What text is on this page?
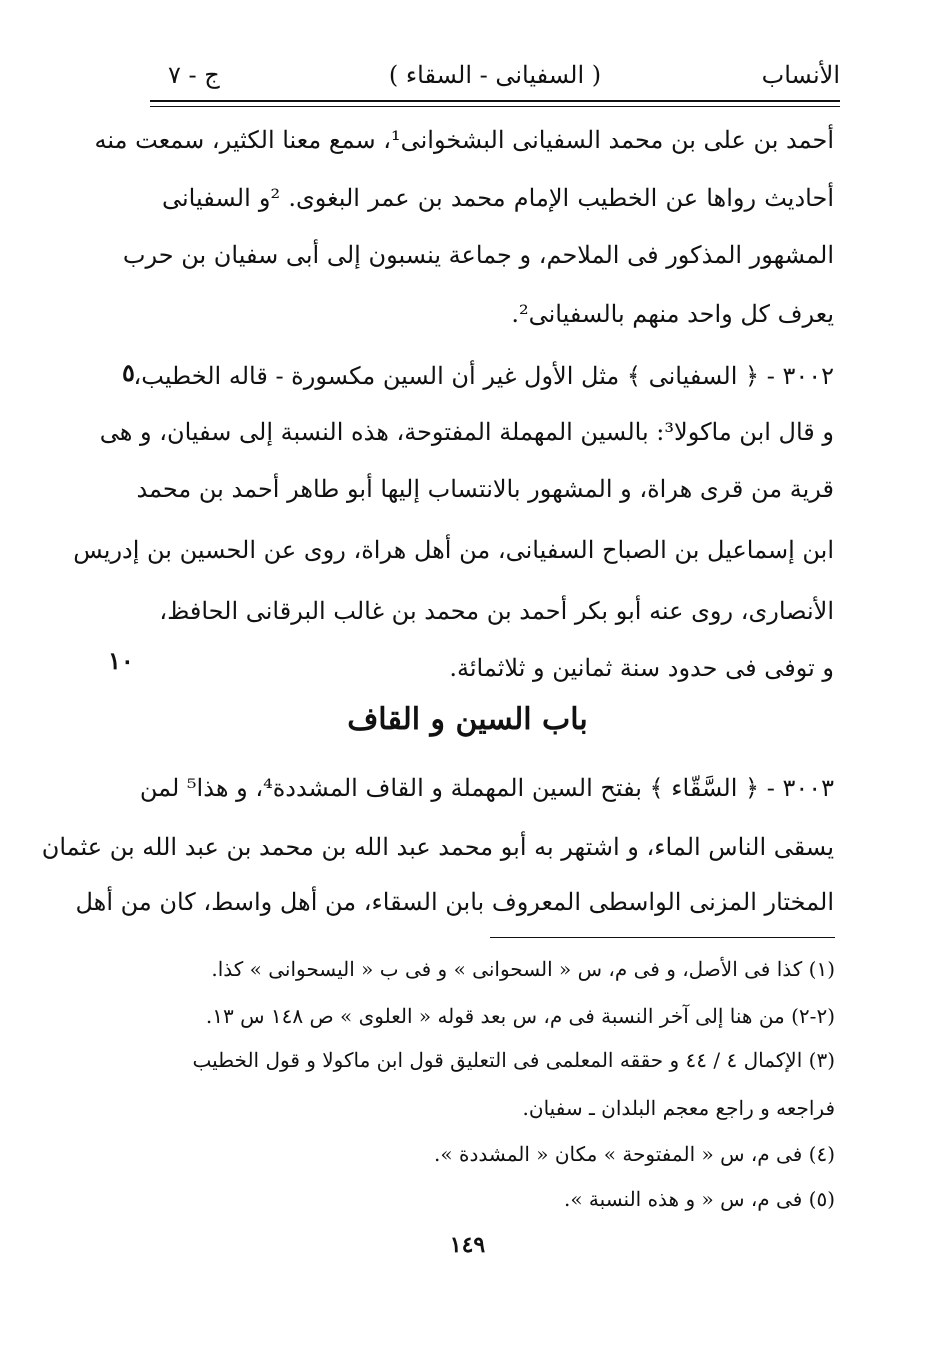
الأنساب
( السفيانى - السقاء )
ج - ٧
أحمد بن على بن محمد السفيانى البشخوانى¹، سمع معنا الكثير، سمعت منه
أحاديث رواها عن الخطيب الإمام محمد بن عمر البغوى. ²و السفيانى
المشهور المذكور فى الملاحم، و جماعة ينسبون إلى أبى سفيان بن حرب
يعرف كل واحد منهم بالسفيانى².
٣٠٠٢ - ﴿ السفيانى ﴾ مثل الأول غير أن السين مكسورة - قاله الخطيب،
و قال ابن ماكولا³: بالسين المهملة المفتوحة، هذه النسبة إلى سفيان، و هى
قرية من قرى هراة، و المشهور بالانتساب إليها أبو طاهر أحمد بن محمد
ابن إسماعيل بن الصباح السفيانى، من أهل هراة، روى عن الحسين بن إدريس
الأنصارى، روى عنه أبو بكر أحمد بن محمد بن غالب البرقانى الحافظ،
و توفى فى حدود سنة ثمانين و ثلاثمائة.
٣٠٠٣ - ﴿ السَّقّاء ﴾ بفتح السين المهملة و القاف المشددة⁴، و هذا⁵ لمن
يسقى الناس الماء، و اشتهر به أبو محمد عبد الله بن محمد بن عبد الله بن عثمان
المختار المزنى الواسطى المعروف بابن السقاء، من أهل واسط، كان من أهل
٥
١٠
باب السين و القاف
(١) كذا فى الأصل، و فى م، س « السحوانى » و فى ب « اليسحوانى » كذا.
(٢-٢) من هنا إلى آخر النسبة فى م، س بعد قوله « العلوى » ص ١٤٨ س ١٣.
(٣) الإكمال ٤ / ٤٤ و حققه المعلمى فى التعليق قول ابن ماكولا و قول الخطيب
فراجعه و راجع معجم البلدان ـ سفيان.
(٤) فى م، س « المفتوحة » مكان « المشددة ».
(٥) فى م، س « و هذه النسبة ».
١٤٩
